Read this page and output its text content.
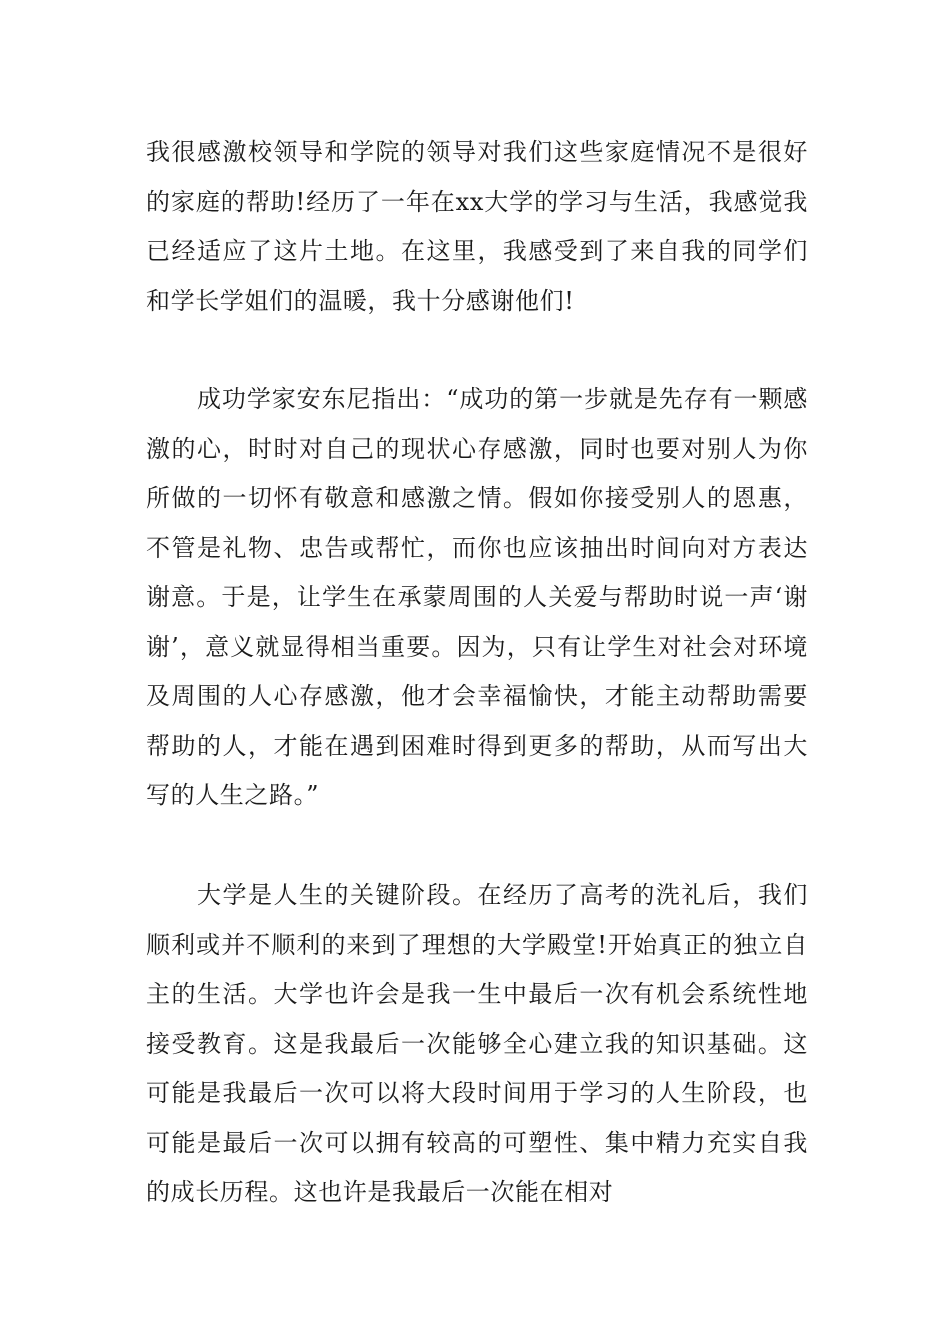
我很感激校领导和学院的领导对我们这些家庭情况不是很好的家庭的帮助!经历了一年在xx大学的学习与生活，我感觉我已经适应了这片土地。在这里，我感受到了来自我的同学们和学长学姐们的温暖，我十分感谢他们!

成功学家安东尼指出：“成功的第一步就是先存有一颗感激的心，时时对自己的现状心存感激，同时也要对别人为你所做的一切怀有敬意和感激之情。假如你接受别人的恩惠，不管是礼物、忠告或帮忙，而你也应该抽出时间向对方表达谢意。于是，让学生在承蒙周围的人关爱与帮助时说一声‘谢谢’，意义就显得相当重要。因为，只有让学生对社会对环境及周围的人心存感激，他才会幸福愉快，才能主动帮助需要帮助的人，才能在遇到困难时得到更多的帮助，从而写出大写的人生之路。”

大学是人生的关键阶段。在经历了高考的洗礼后，我们顺利或并不顺利的来到了理想的大学殿堂!开始真正的独立自主的生活。大学也许会是我一生中最后一次有机会系统性地接受教育。这是我最后一次能够全心建立我的知识基础。这可能是我最后一次可以将大段时间用于学习的人生阶段，也可能是最后一次可以拥有较高的可塑性、集中精力充实自我的成长历程。这也许是我最后一次能在相对
